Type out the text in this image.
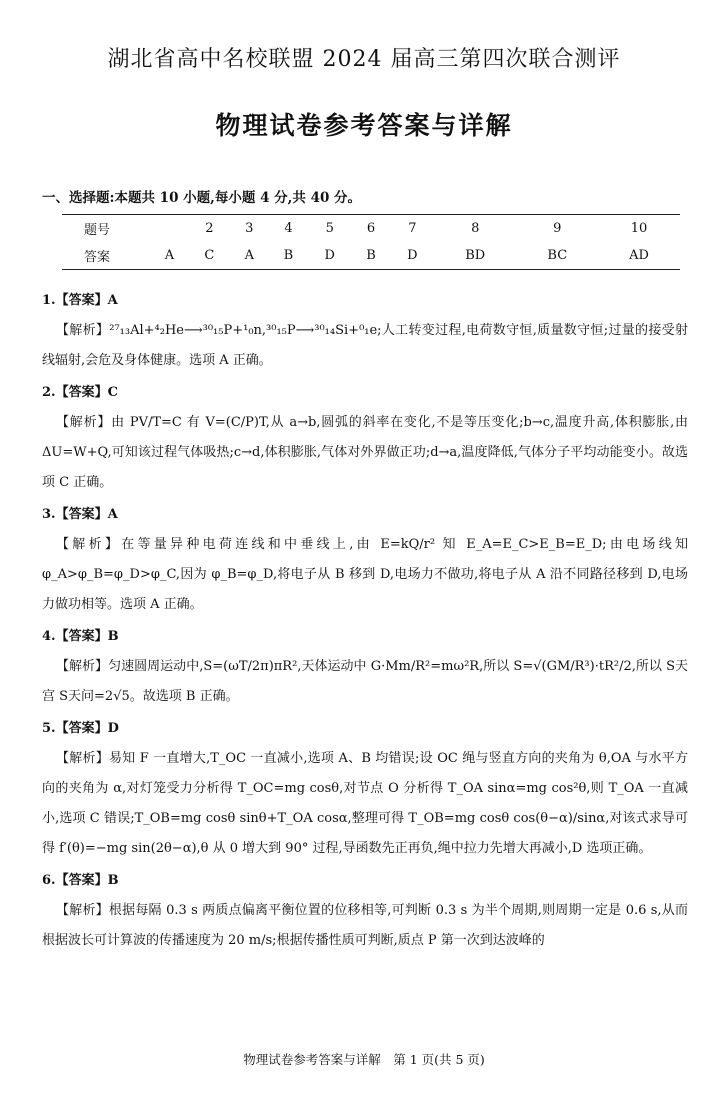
湖北省高中名校联盟 2024 届高三第四次联合测评
物理试卷参考答案与详解
一、选择题:本题共 10 小题,每小题 4 分,共 40 分。
题号		2	3	4	5	6	7	8	9	10
答案	A	C	A	B	D	B	D	BD	BC	AD
1.【答案】A
【解析】²⁷₁₃Al+⁴₂He⟶³⁰₁₅P+¹₀n,³⁰₁₅P⟶³⁰₁₄Si+⁰₁e;人工转变过程,电荷数守恒,质量数守恒;过量的接受射线辐射,会危及身体健康。选项 A 正确。
2.【答案】C
【解析】由 PV/T=C 有 V=(C/P)T,从 a→b,圆弧的斜率在变化,不是等压变化;b→c,温度升高,体积膨胀,由 ΔU=W+Q,可知该过程气体吸热;c→d,体积膨胀,气体对外界做正功;d→a,温度降低,气体分子平均动能变小。故选项 C 正确。
3.【答案】A
【解析】在等量异种电荷连线和中垂线上,由 E=kQ/r² 知 E_A=E_C>E_B=E_D;由电场线知 φ_A>φ_B=φ_D>φ_C,因为 φ_B=φ_D,将电子从 B 移到 D,电场力不做功,将电子从 A 沿不同路径移到 D,电场力做功相等。选项 A 正确。
4.【答案】B
【解析】匀速圆周运动中,S=(ωT/2π)πR²,天体运动中 G·Mm/R²=mω²R,所以 S=√(GM/R³)·tR²/2,所以 S天宫 S天问=2√5。故选项 B 正确。
5.【答案】D
【解析】易知 F 一直增大,T_OC 一直减小,选项 A、B 均错误;设 OC 绳与竖直方向的夹角为 θ,OA 与水平方向的夹角为 α,对灯笼受力分析得 T_OC=mg cosθ,对节点 O 分析得 T_OA sinα=mg cos²θ,则 T_OA 一直减小,选项 C 错误;T_OB=mg cosθ sinθ+T_OA cosα,整理可得 T_OB=mg cosθ cos(θ−α)/sinα,对该式求导可得 f′(θ)=−mg sin(2θ−α),θ 从 0 增大到 90° 过程,导函数先正再负,绳中拉力先增大再减小,D 选项正确。
6.【答案】B
【解析】根据每隔 0.3 s 两质点偏离平衡位置的位移相等,可判断 0.3 s 为半个周期,则周期一定是 0.6 s,从而根据波长可计算波的传播速度为 20 m/s;根据传播性质可判断,质点 P 第一次到达波峰的
物理试卷参考答案与详解　第 1 页(共 5 页)
